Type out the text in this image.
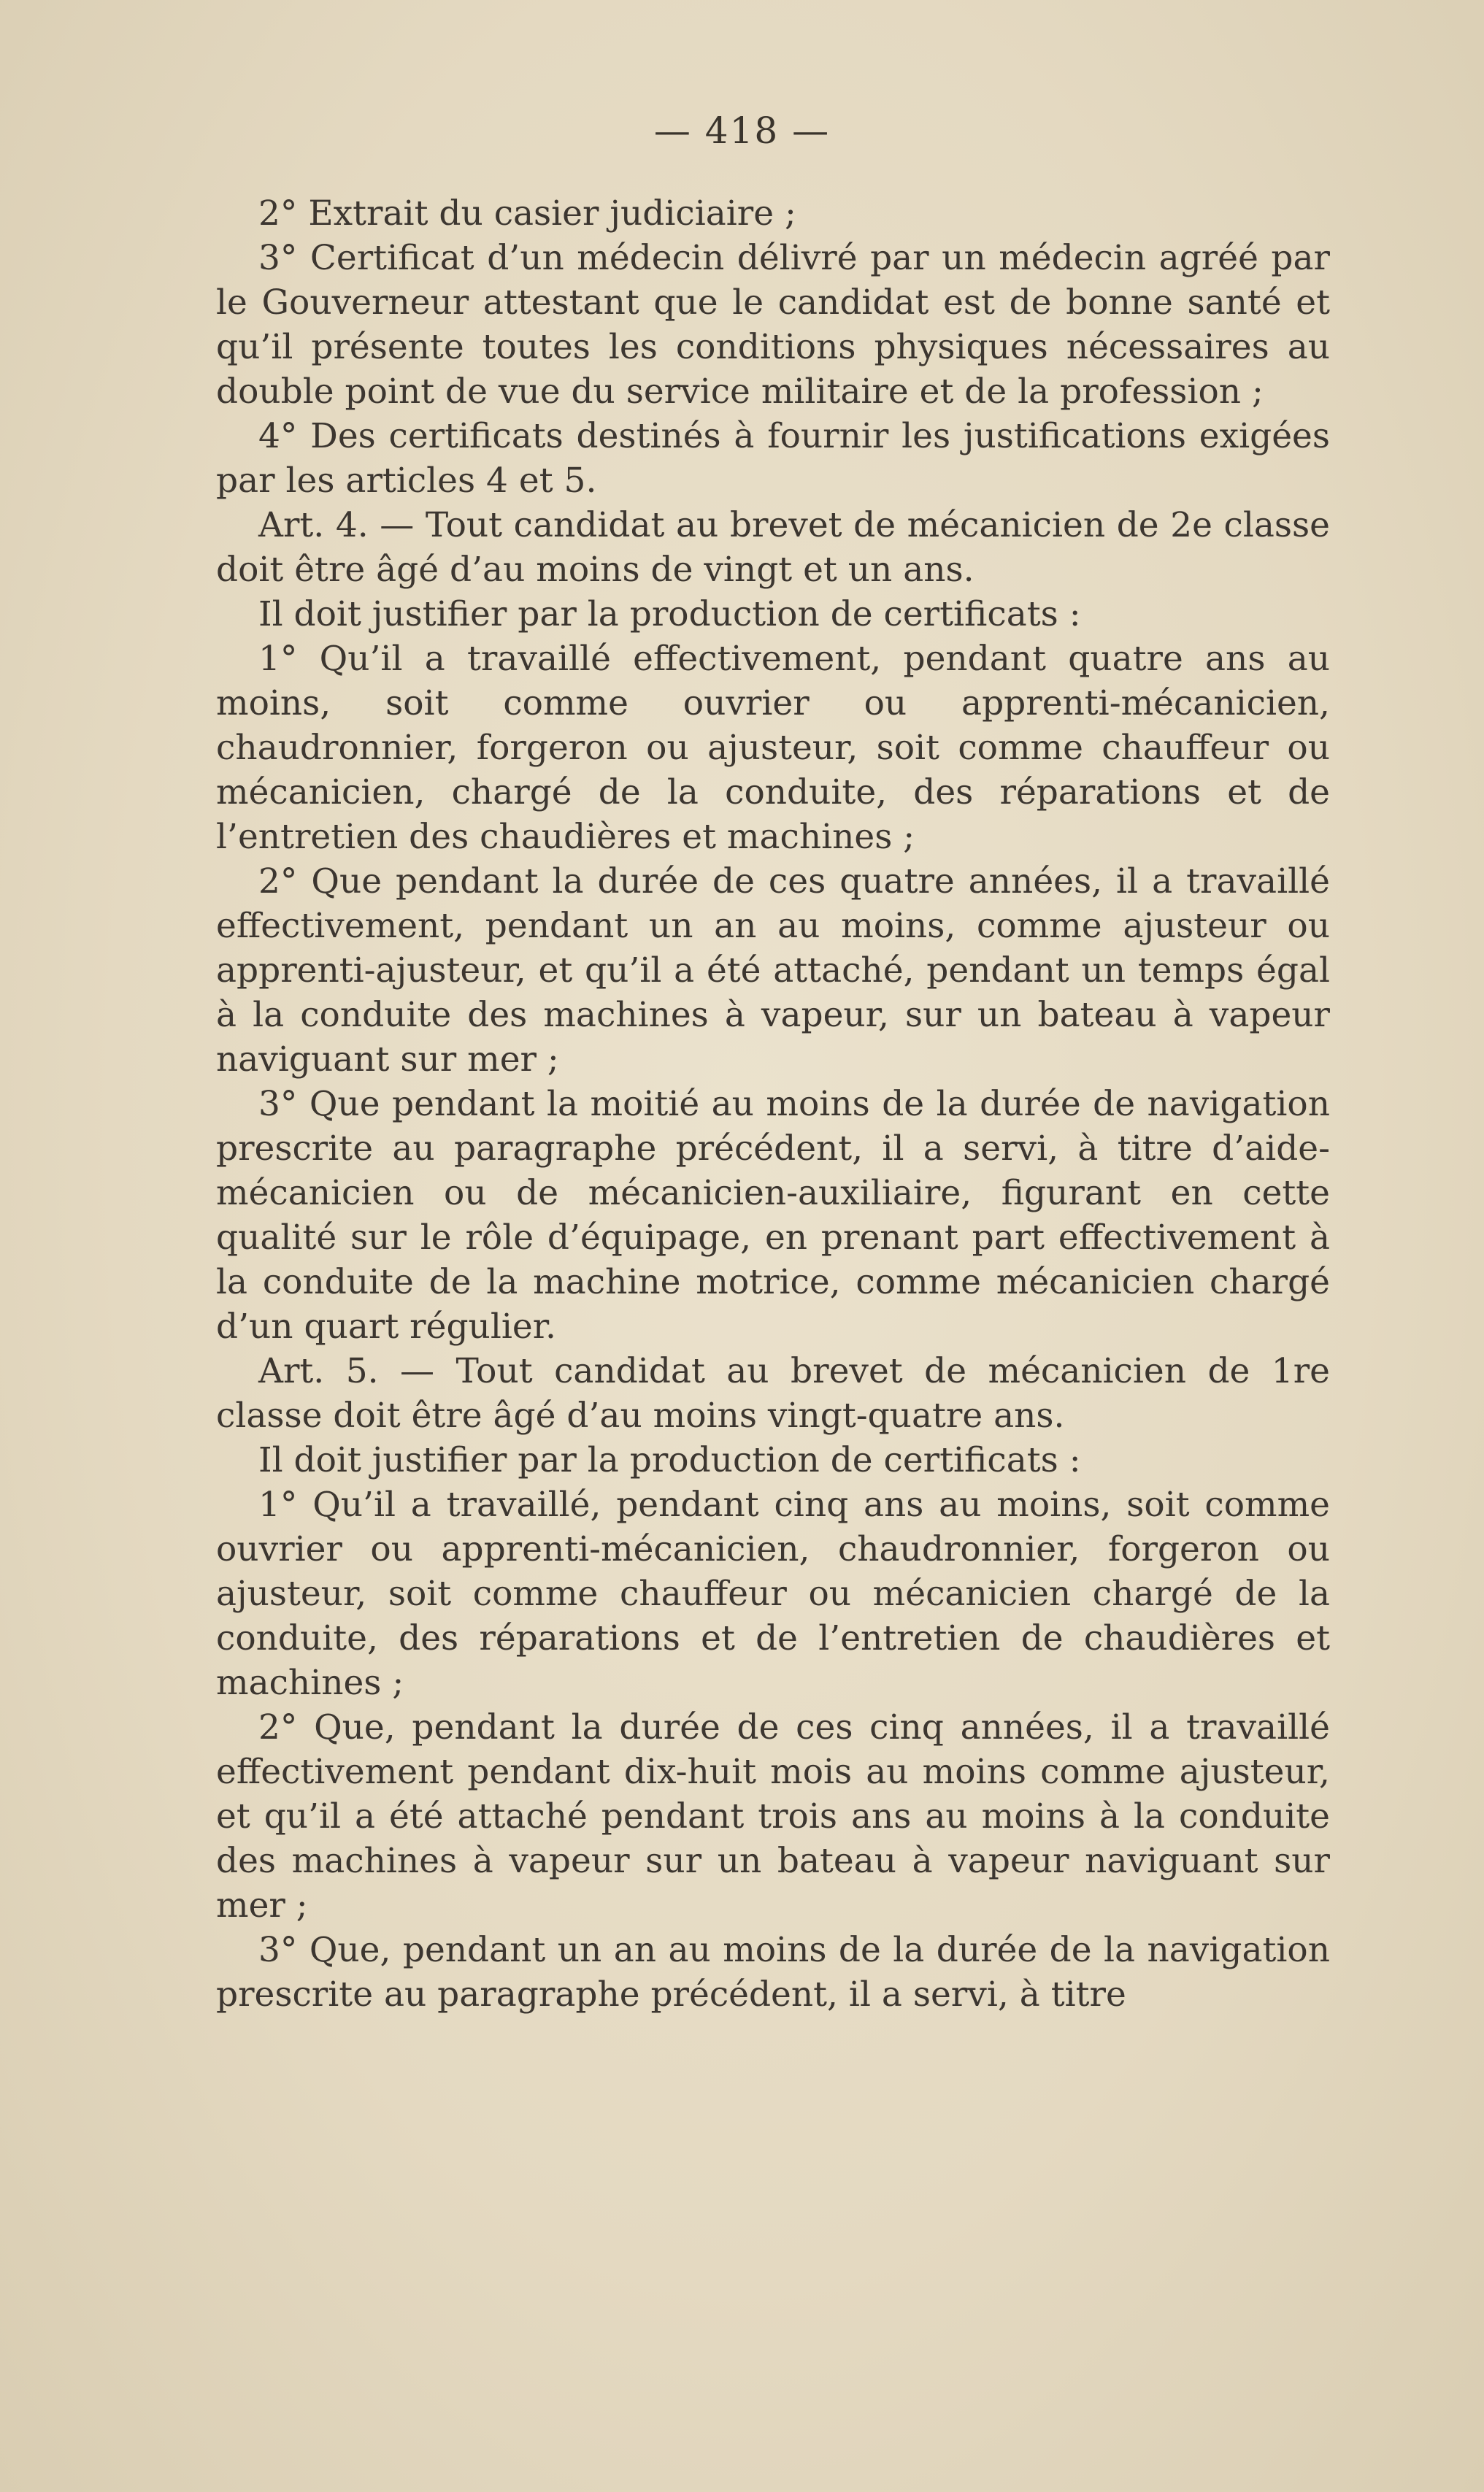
— 418 —

2° Extrait du casier judiciaire ;

3° Certificat d’un médecin délivré par un médecin agréé par le Gouverneur attestant que le candidat est de bonne santé et qu’il présente toutes les conditions physiques nécessaires au double point de vue du service militaire et de la profession ;

4° Des certificats destinés à fournir les justifications exigées par les articles 4 et 5.

Art. 4. — Tout candidat au brevet de mécanicien de 2e classe doit être âgé d’au moins de vingt et un ans.

Il doit justifier par la production de certificats :

1° Qu’il a travaillé effectivement, pendant quatre ans au moins, soit comme ouvrier ou apprenti-mécanicien, chaudronnier, forgeron ou ajusteur, soit comme chauffeur ou mécanicien, chargé de la conduite, des réparations et de l’entretien des chaudières et machines ;

2° Que pendant la durée de ces quatre années, il a travaillé effectivement, pendant un an au moins, comme ajusteur ou apprenti-ajusteur, et qu’il a été attaché, pendant un temps égal à la conduite des machines à vapeur, sur un bateau à vapeur naviguant sur mer ;

3° Que pendant la moitié au moins de la durée de navigation prescrite au paragraphe précédent, il a servi, à titre d’aide-mécanicien ou de mécanicien-auxiliaire, figurant en cette qualité sur le rôle d’équipage, en prenant part effectivement à la conduite de la machine motrice, comme mécanicien chargé d’un quart régulier.

Art. 5. — Tout candidat au brevet de mécanicien de 1re classe doit être âgé d’au moins vingt-quatre ans.

Il doit justifier par la production de certificats :

1° Qu’il a travaillé, pendant cinq ans au moins, soit comme ouvrier ou apprenti-mécanicien, chaudronnier, forgeron ou ajusteur, soit comme chauffeur ou mécanicien chargé de la conduite, des réparations et de l’entretien de chaudières et machines ;

2° Que, pendant la durée de ces cinq années, il a travaillé effectivement pendant dix-huit mois au moins comme ajusteur, et qu’il a été attaché pendant trois ans au moins à la conduite des machines à vapeur sur un bateau à vapeur naviguant sur mer ;

3° Que, pendant un an au moins de la durée de la navigation prescrite au paragraphe précédent, il a servi, à titre
